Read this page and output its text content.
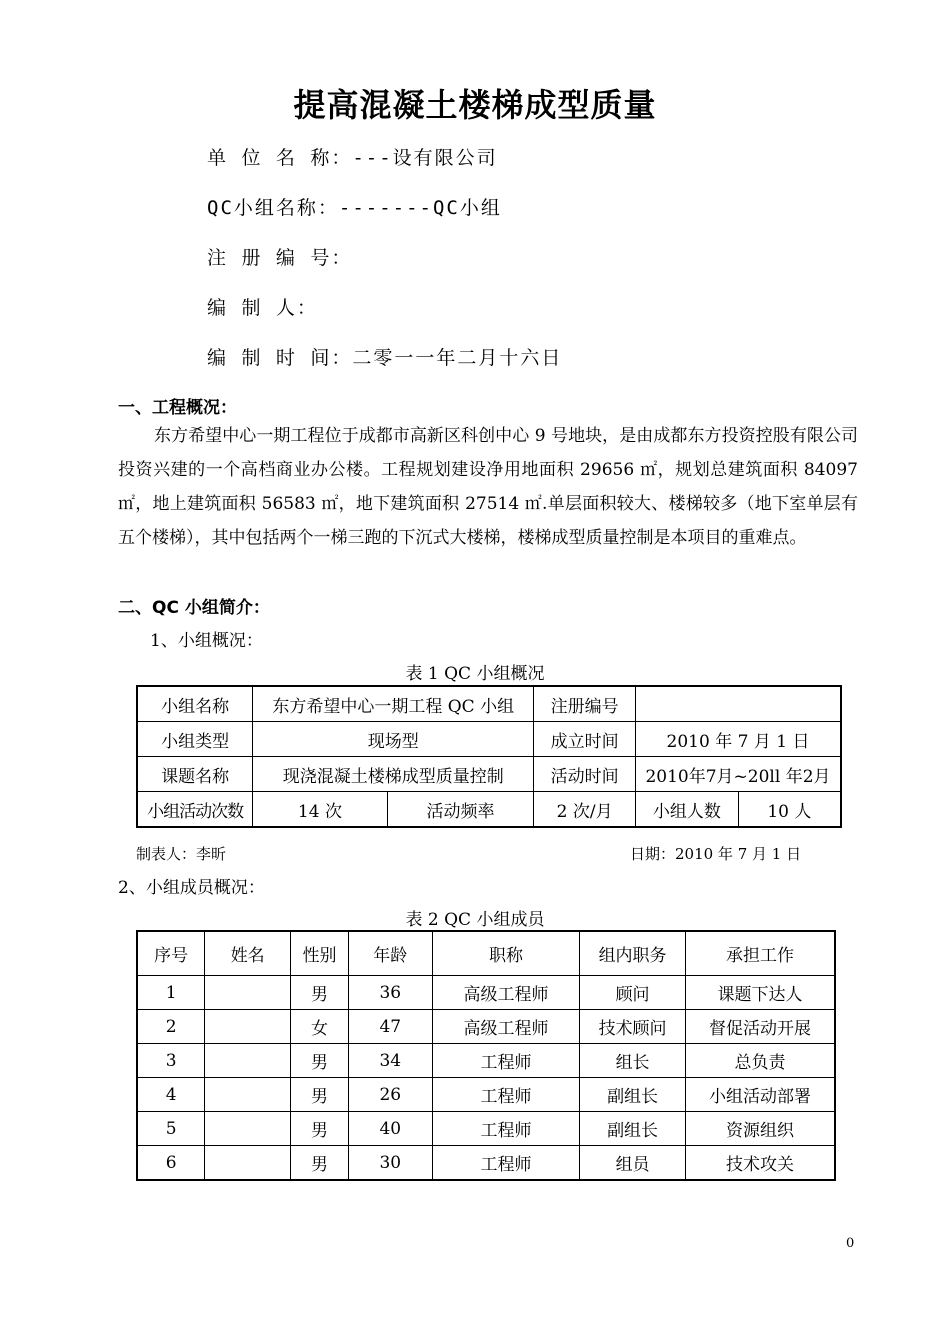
提高混凝土楼梯成型质量
单 位 名 称：---设有限公司
QC小组名称：-------QC小组
注 册 编 号：
编 制 人：
编 制 时 间：二零一一年二月十六日
一、工程概况：
东方希望中心一期工程位于成都市高新区科创中心 9 号地块，是由成都东方投资控股有限公司投资兴建的一个高档商业办公楼。工程规划建设净用地面积 29656 ㎡，规划总建筑面积 84097 ㎡，地上建筑面积 56583 ㎡，地下建筑面积 27514 ㎡.单层面积较大、楼梯较多（地下室单层有五个楼梯），其中包括两个一梯三跑的下沉式大楼梯，楼梯成型质量控制是本项目的重难点。
二、QC 小组简介：
1、小组概况：
表 1 QC 小组概况
小组名称	东方希望中心一期工程 QC 小组		注册编号		
小组类型	现场型		成立时间	2010 年 7 月 1 日	
课题名称	现浇混凝土楼梯成型质量控制		活动时间	2010年7月~20ll 年2月	
小组活动次数	14 次	活动频率	2 次/月	小组人数	10 人
制表人：李昕	日期：2010 年 7 月 1 日
2、小组成员概况：
表 2 QC 小组成员
序号	姓名	性别	年龄	职称	组内职务	承担工作
1		男	36	高级工程师	顾问	课题下达人
2		女	47	高级工程师	技术顾问	督促活动开展
3		男	34	工程师	组长	总负责
4		男	26	工程师	副组长	小组活动部署
5		男	40	工程师	副组长	资源组织
6		男	30	工程师	组员	技术攻关
0
